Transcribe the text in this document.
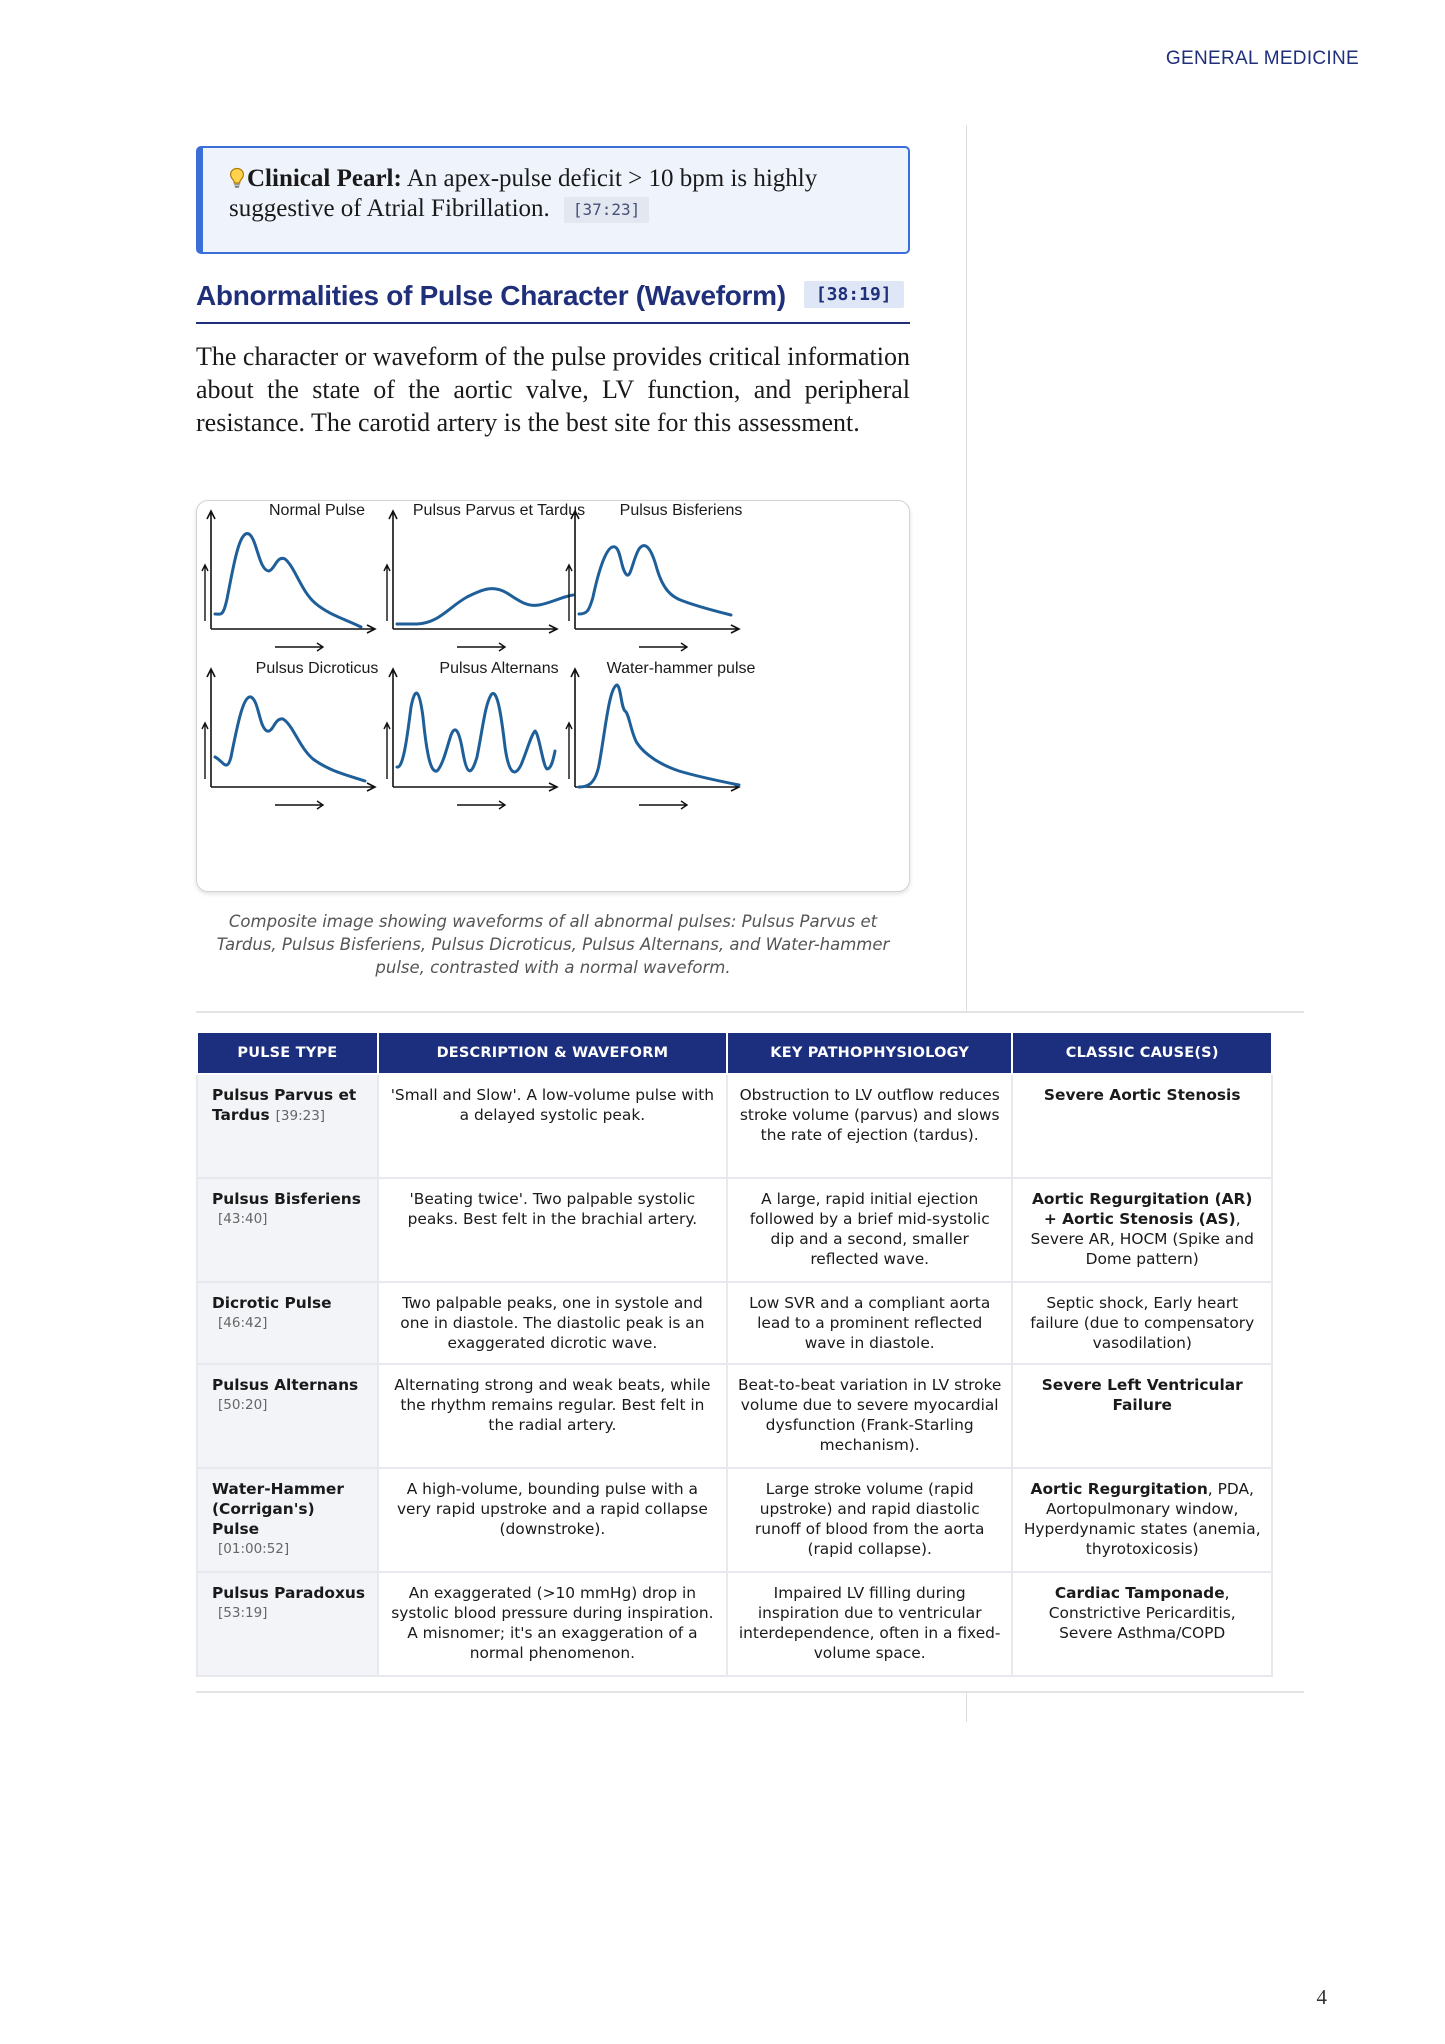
GENERAL MEDICINE
Clinical Pearl: An apex-pulse deficit > 10 bpm is highly
suggestive of Atrial Fibrillation. [37:23]
Abnormalities of Pulse Character (Waveform) [38:19]

The character or waveform of the pulse provides critical information about the state of the aortic valve, LV function, and peripheral resistance. The carotid artery is the best site for this assessment.

Normal Pulse	Pulsus Parvus et Tardus Pulsus Bisferiens
Pulsus Dicroticus	Pulsus Alternans	Water-hammer pulse

Composite image showing waveforms of all abnormal pulses: Pulsus Parvus et Tardus, Pulsus Bisferiens, Pulsus Dicroticus, Pulsus Alternans, and Water-hammer pulse, contrasted with a normal waveform.

PULSE TYPE	DESCRIPTION & WAVEFORM	KEY PATHOPHYSIOLOGY	CLASSIC CAUSE(S)
Pulsus Parvus et
Tardus [39:23]	'Small and Slow'. A low-volume pulse with a delayed systolic peak.	Obstruction to LV outflow reduces stroke volume (parvus) and slows the rate of ejection (tardus).	Severe Aortic Stenosis
Pulsus Bisferiens
[43:40]	'Beating twice'. Two palpable systolic peaks. Best felt in the brachial artery.	A large, rapid initial ejection followed by a brief mid-systolic dip and a second, smaller reflected wave.	Aortic Regurgitation (AR) + Aortic Stenosis (AS), Severe AR, HOCM (Spike and Dome pattern)
Dicrotic Pulse
[46:42]	Two palpable peaks, one in systole and one in diastole. The diastolic peak is an exaggerated dicrotic wave.	Low SVR and a compliant aorta lead to a prominent reflected wave in diastole.	Septic shock, Early heart failure (due to compensatory vasodilation)
Pulsus Alternans
[50:20]	Alternating strong and weak beats, while the rhythm remains regular. Best felt in the radial artery.	Beat-to-beat variation in LV stroke volume due to severe myocardial dysfunction (Frank-Starling mechanism).	Severe Left Ventricular Failure
Water-Hammer
(Corrigan's) Pulse
[01:00:52]	A high-volume, bounding pulse with a very rapid upstroke and a rapid collapse (downstroke).	Large stroke volume (rapid upstroke) and rapid diastolic runoff of blood from the aorta (rapid collapse).	Aortic Regurgitation, PDA, Aortopulmonary window, Hyperdynamic states (anemia, thyrotoxicosis)
Pulsus Paradoxus
[53:19]	An exaggerated (>10 mmHg) drop in systolic blood pressure during inspiration. A misnomer; it's an exaggeration of a normal phenomenon.	Impaired LV filling during inspiration due to ventricular interdependence, often in a fixed-volume space.	Cardiac Tamponade, Constrictive Pericarditis, Severe Asthma/COPD
4
